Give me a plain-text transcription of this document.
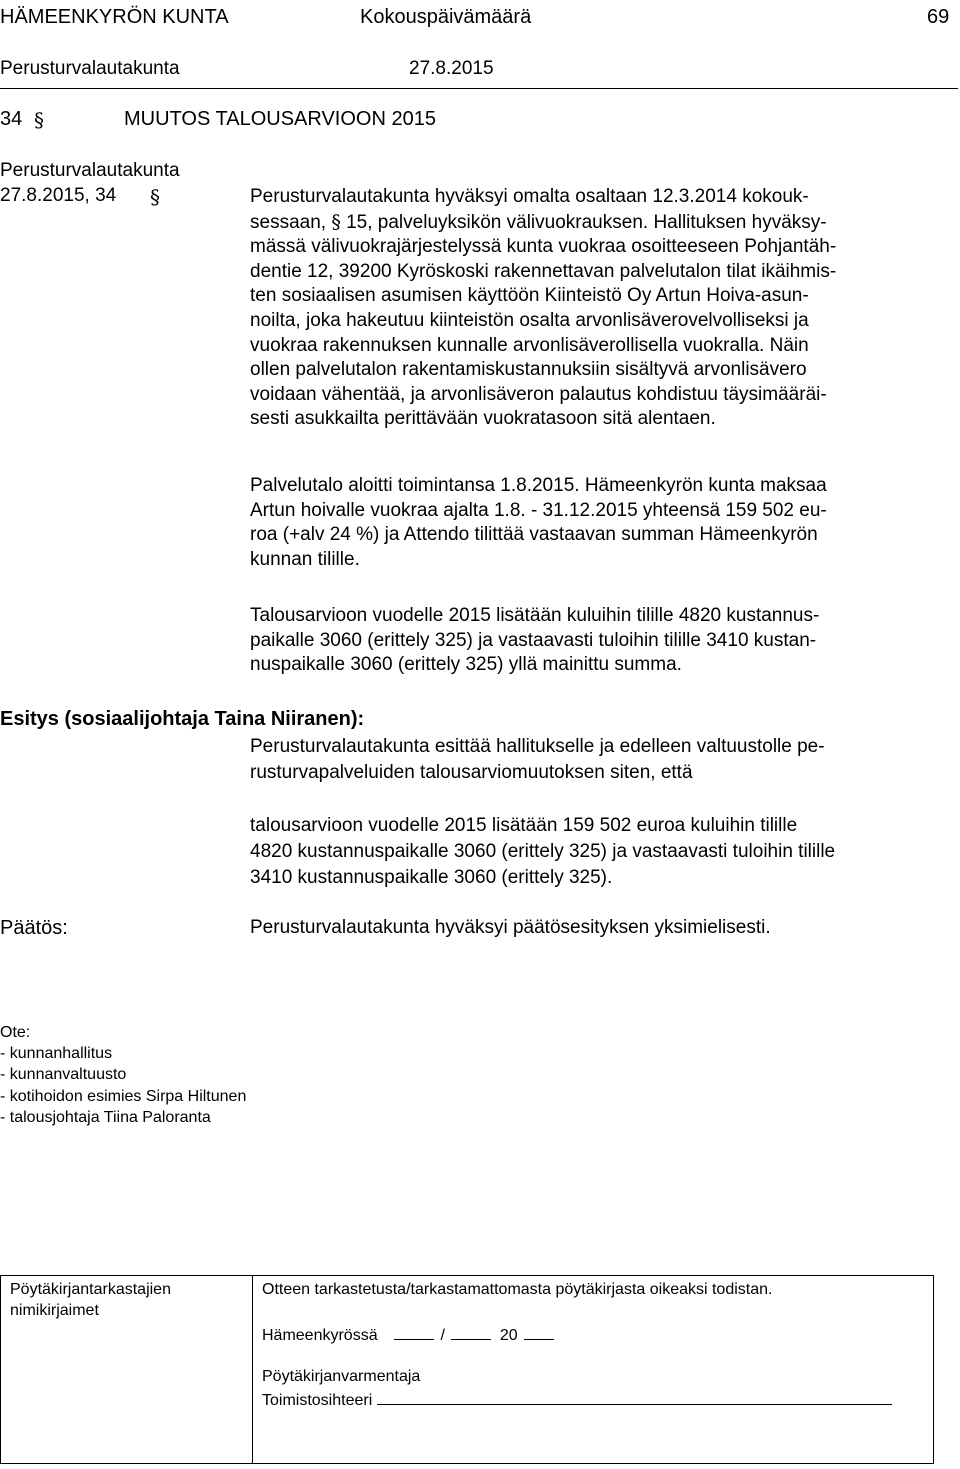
HÄMEENKYRÖN KUNTA	Kokouspäivämäärä	69
Perusturvalautakunta	27.8.2015
34 §	MUUTOS TALOUSARVIOON 2015
Perusturvalautakunta
27.8.2015, 34 §	Perusturvalautakunta hyväksyi omalta osaltaan 12.3.2014 kokouk-
sessaan, § 15, palveluyksikön välivuokrauksen. Hallituksen hyväksy-
mässä välivuokrajärjestelyssä kunta vuokraa osoitteeseen Pohjantäh-
dentie 12, 39200 Kyröskoski rakennettavan palvelutalon tilat ikäihmis-
ten sosiaalisen asumisen käyttöön Kiinteistö Oy Artun Hoiva-asun-
noilta, joka hakeutuu kiinteistön osalta arvonlisäverovelvolliseksi ja
vuokraa rakennuksen kunnalle arvonlisäverollisella vuokralla. Näin
ollen palvelutalon rakentamiskustannuksiin sisältyvä arvonlisävero
voidaan vähentää, ja arvonlisäveron palautus kohdistuu täysimääräi-
sesti asukkailta perittävään vuokratasoon sitä alentaen.
Palvelutalo aloitti toimintansa 1.8.2015. Hämeenkyrön kunta maksaa
Artun hoivalle vuokraa ajalta 1.8. - 31.12.2015 yhteensä 159 502 eu-
roa (+alv 24 %) ja Attendo tilittää vastaavan summan Hämeenkyrön
kunnan tilille.
Talousarvioon vuodelle 2015 lisätään kuluihin tilille 4820 kustannus-
paikalle 3060 (erittely 325) ja vastaavasti tuloihin tilille 3410 kustan-
nuspaikalle 3060 (erittely 325) yllä mainittu summa.
Esitys (sosiaalijohtaja Taina Niiranen):
Perusturvalautakunta esittää hallitukselle ja edelleen valtuustolle pe-
rusturvapalveluiden talousarviomuutoksen siten, että
talousarvioon vuodelle 2015 lisätään 159 502 euroa kuluihin tilille
4820 kustannuspaikalle 3060 (erittely 325) ja vastaavasti tuloihin tilille
3410 kustannuspaikalle 3060 (erittely 325).
Päätös:	Perusturvalautakunta hyväksyi päätösesityksen yksimielisesti.
Ote:
- kunnanhallitus
- kunnanvaltuusto
- kotihoidon esimies Sirpa Hiltunen
- talousjohtaja Tiina Paloranta
Pöytäkirjantarkastajien
nimikirjaimet
Otteen tarkastetusta/tarkastamattomasta pöytäkirjasta oikeaksi todistan.
Hämeenkyrössä	/	20
Pöytäkirjanvarmentaja
Toimistosihteeri
